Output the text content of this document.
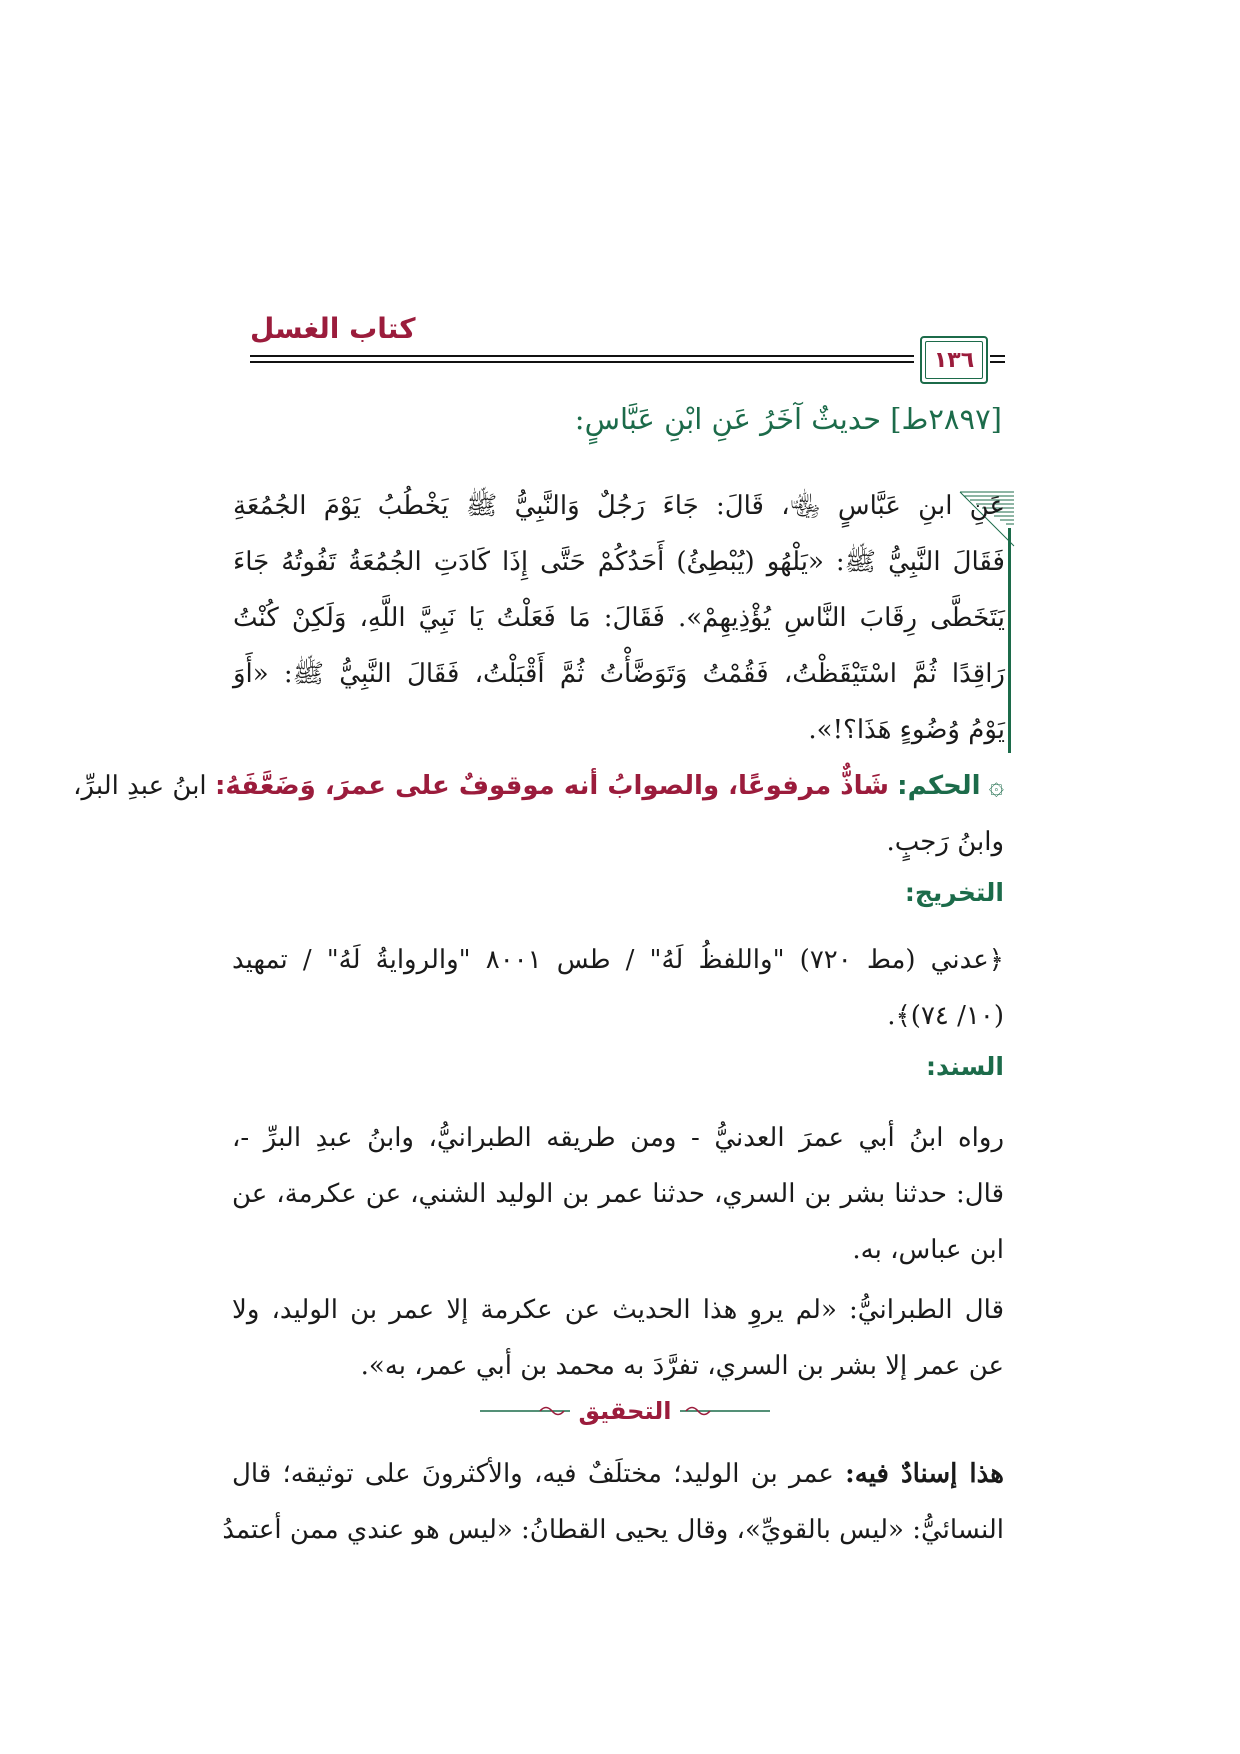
كتاب الغسل
١٣٦
[٢٨٩٧ط] حديثٌ آخَرُ عَنِ ابْنِ عَبَّاسٍ:
عَنِ ابنِ عَبَّاسٍ ﵄، قَالَ: جَاءَ رَجُلٌ وَالنَّبِيُّ ﷺ يَخْطُبُ يَوْمَ الجُمُعَةِ
فَقَالَ النَّبِيُّ ﷺ: «يَلْهُو (يُبْطِئُ) أَحَدُكُمْ حَتَّى إِذَا كَادَتِ الجُمُعَةُ تَفُوتُهُ جَاءَ
يَتَخَطَّى رِقَابَ النَّاسِ يُؤْذِيهِمْ». فَقَالَ: مَا فَعَلْتُ يَا نَبِيَّ اللَّهِ، وَلَكِنْ كُنْتُ
رَاقِدًا ثُمَّ اسْتَيْقَظْتُ، فَقُمْتُ وَتَوَضَّأْتُ ثُمَّ أَقْبَلْتُ، فَقَالَ النَّبِيُّ ﷺ: «أَوَ
يَوْمُ وُضُوءٍ هَذَا؟!».
۞ الحكم: شَاذٌّ مرفوعًا، والصوابُ أنه موقوفٌ على عمرَ، وَضَعَّفَهُ: ابنُ عبدِ البرِّ،
وابنُ رَجبٍ.
التخريج:
﴿عدني (مط ٧٢٠) "واللفظُ لَهُ" / طس ٨٠٠١ "والروايةُ لَهُ" / تمهيد
(١٠/ ٧٤)﴾.
السند:
رواه ابنُ أبي عمرَ العدنيُّ - ومن طريقه الطبرانيُّ، وابنُ عبدِ البرِّ -،
قال: حدثنا بشر بن السري، حدثنا عمر بن الوليد الشني، عن عكرمة، عن
ابن عباس، به.
قال الطبرانيُّ: «لم يروِ هذا الحديث عن عكرمة إلا عمر بن الوليد، ولا
عن عمر إلا بشر بن السري، تفرَّدَ به محمد بن أبي عمر، به».
التحقيق
هذا إسنادٌ فيه: عمر بن الوليد؛ مختلَفٌ فيه، والأكثرونَ على توثيقه؛ قال
النسائيُّ: «ليس بالقويِّ»، وقال يحيى القطانُ: «ليس هو عندي ممن أعتمدُ
